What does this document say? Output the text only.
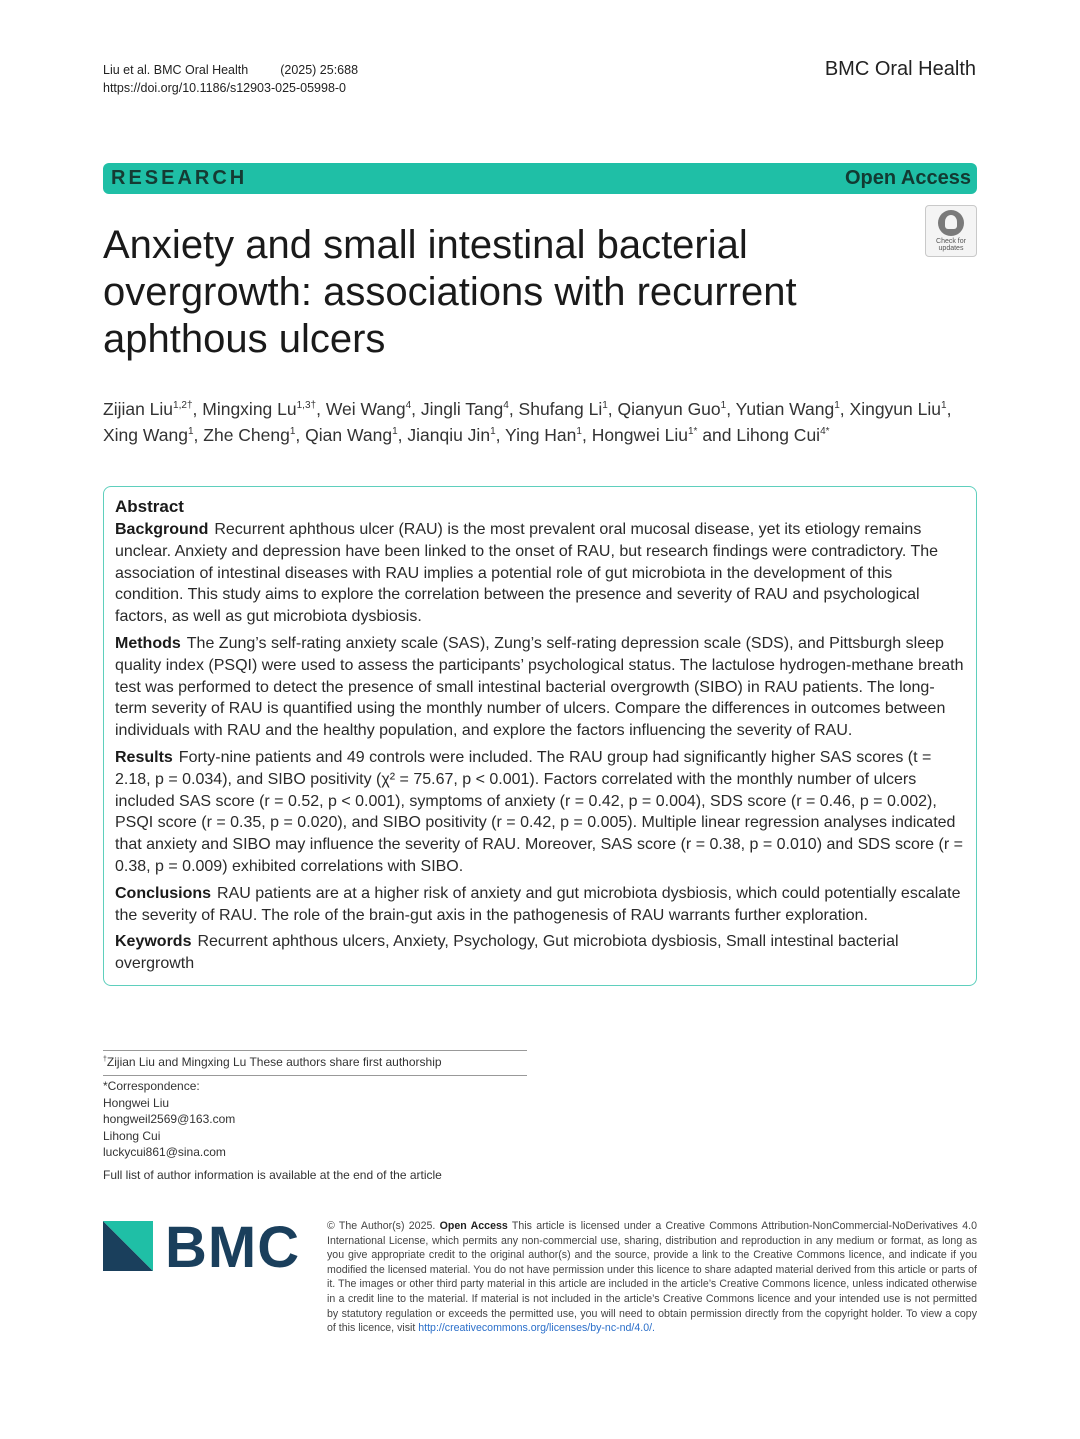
Liu et al. BMC Oral Health	(2025) 25:688
https://doi.org/10.1186/s12903-025-05998-0
BMC Oral Health
RESEARCH	Open Access
Check for
updates
Anxiety and small intestinal bacterial
overgrowth: associations with recurrent
aphthous ulcers
Zijian Liu$^{1,2\dagger}$, Mingxing $Lu^{1,3\dagger}$, Wei Wang$^4$, Jingli Tang$^4$, Shufang Li$^1$, Qianyun Guo$^1$, Yutian Wang$^1$, Xingyun Liu$^1$,
Xing Wang$^1$, Zhe Cheng$^1$, Qian Wang$^1$, Jianqiu Jin$^1$, Ying Han$^1$, Hongwei Liu$^{1*}$ and Lihong Cui$^{4*}$
Abstract

Background Recurrent aphthous ulcer (RAU) is the most prevalent oral mucosal disease, yet its etiology remains unclear. Anxiety and depression have been linked to the onset of RAU, but research findings were contradictory. The association of intestinal diseases with RAU implies a potential role of gut microbiota in the development of this condition. This study aims to explore the correlation between the presence and severity of RAU and psychological factors, as well as gut microbiota dysbiosis.

Methods The Zung’s self-rating anxiety scale (SAS), Zung’s self-rating depression scale (SDS), and Pittsburgh sleep quality index (PSQI) were used to assess the participants’ psychological status. The lactulose hydrogen-methane breath test was performed to detect the presence of small intestinal bacterial overgrowth (SIBO) in RAU patients. The long-term severity of RAU is quantified using the monthly number of ulcers. Compare the differences in outcomes between individuals with RAU and the healthy population, and explore the factors influencing the severity of RAU.

Results Forty-nine patients and 49 controls were included. The RAU group had significantly higher SAS scores (t = 2.18, p = 0.034), and SIBO positivity (χ² = 75.67, p < 0.001). Factors correlated with the monthly number of ulcers included SAS score (r = 0.52, p < 0.001), symptoms of anxiety (r = 0.42, p = 0.004), SDS score (r = 0.46, p = 0.002), PSQI score (r = 0.35, p = 0.020), and SIBO positivity (r = 0.42, p = 0.005). Multiple linear regression analyses indicated that anxiety and SIBO may influence the severity of RAU. Moreover, SAS score (r = 0.38, p = 0.010) and SDS score (r = 0.38, p = 0.009) exhibited correlations with SIBO.

Conclusions RAU patients are at a higher risk of anxiety and gut microbiota dysbiosis, which could potentially escalate the severity of RAU. The role of the brain-gut axis in the pathogenesis of RAU warrants further exploration.

Keywords Recurrent aphthous ulcers, Anxiety, Psychology, Gut microbiota dysbiosis, Small intestinal bacterial overgrowth

†Zijian Liu and Mingxing Lu These authors share first authorship
*Correspondence:
Hongwei Liu
hongweil2569@163.com
Lihong Cui
luckycui861@sina.com
Full list of author information is available at the end of the article
BMC	© The Author(s) 2025. Open Access This article is licensed under a Creative Commons Attribution-NonCommercial-NoDerivatives 4.0 International License, which permits any non-commercial use, sharing, distribution and reproduction in any medium or format, as long as you give appropriate credit to the original author(s) and the source, provide a link to the Creative Commons licence, and indicate if you modified the licensed material. You do not have permission under this licence to share adapted material derived from this article or parts of it. The images or other third party material in this article are included in the article’s Creative Commons licence, unless indicated otherwise in a credit line to the material. If material is not included in the article’s Creative Commons licence and your intended use is not permitted by statutory regulation or exceeds the permitted use, you will need to obtain permission directly from the copyright holder. To view a copy of this licence, visit http://creativecommons.org/licenses/by-nc-nd/4.0/.
